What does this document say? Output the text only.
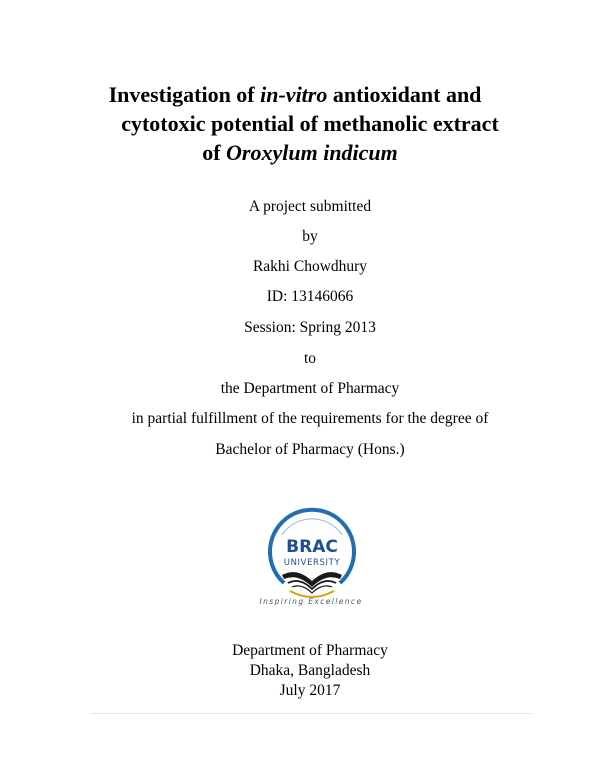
Investigation of in-vitro antioxidant and
cytotoxic potential of methanolic extract
of Oroxylum indicum
A project submitted
by
Rakhi Chowdhury
ID: 13146066
Session: Spring 2013
to
the Department of Pharmacy
in partial fulfillment of the requirements for the degree of
Bachelor of Pharmacy (Hons.)
BRAC
UNIVERSITY
Inspiring Excellence
Department of Pharmacy
Dhaka, Bangladesh
July 2017
